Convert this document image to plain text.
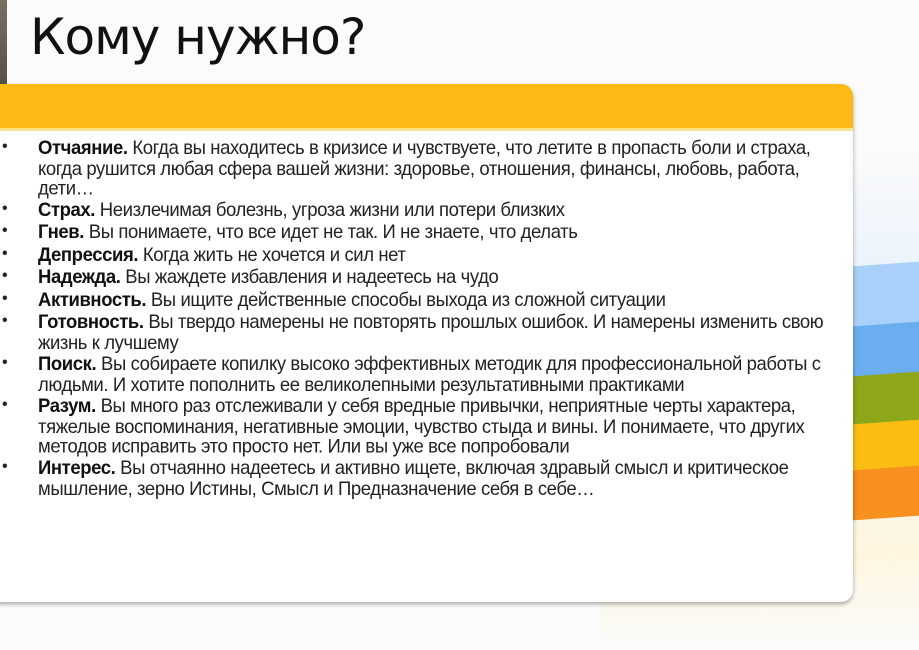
Кому нужно?
• Отчаяние. Когда вы находитесь в кризисе и чувствуете, что летите в пропасть боли и страха, когда рушится любая сфера вашей жизни: здоровье, отношения, финансы, любовь, работа, дети…
• Страх. Неизлечимая болезнь, угроза жизни или потери близких
• Гнев. Вы понимаете, что все идет не так. И не знаете, что делать
• Депрессия. Когда жить не хочется и сил нет
• Надежда. Вы жаждете избавления и надеетесь на чудо
• Активность. Вы ищите действенные способы выхода из сложной ситуации
• Готовность. Вы твердо намерены не повторять прошлых ошибок. И намерены изменить свою жизнь к лучшему
• Поиск. Вы собираете копилку высоко эффективных методик для профессиональной работы с людьми. И хотите пополнить ее великолепными результативными практиками
• Разум. Вы много раз отслеживали у себя вредные привычки, неприятные черты характера, тяжелые воспоминания, негативные эмоции, чувство стыда и вины. И понимаете, что других методов исправить это просто нет. Или вы уже все попробовали
• Интерес. Вы отчаянно надеетесь и активно ищете, включая здравый смысл и критическое мышление, зерно Истины, Смысл и Предназначение себя в себе…
